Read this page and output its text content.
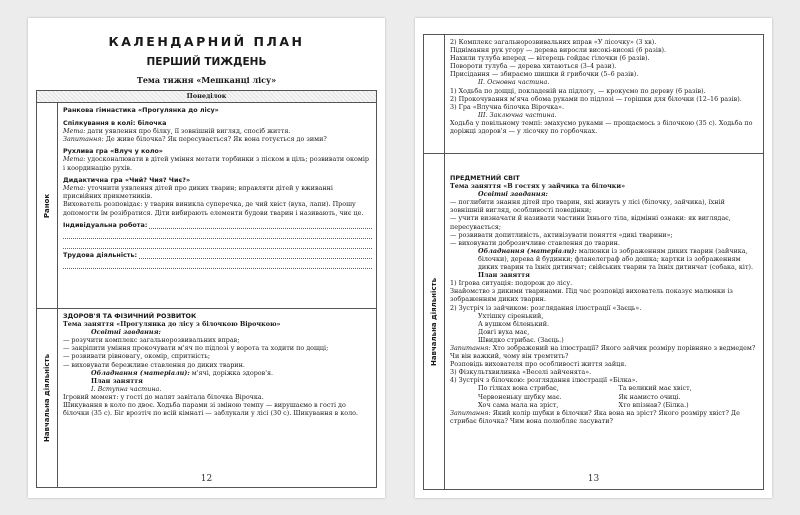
КАЛЕНДАРНИЙ ПЛАН
ПЕРШИЙ ТИЖДЕНЬ
Тема тижня «Мешканці лісу»
Понеділок
Ранок

Ранкова гімнастика «Прогулянка до лісу»

Спілкування в колі: білочка

Мета: дати уявлення про білку, її зовнішній вигляд, спосіб життя.

Запитання: Де живе білочка? Як пересувається? Як вона готується до зими?

Рухлива гра «Влуч у коло»

Мета: удосконалювати в дітей уміння метати торбинки з піском в ціль; розвивати окомір і координацію рухів.

Дидактична гра «Чий? Чия? Чиє?»

Мета: уточнити уявлення дітей про диких тварин; вправляти дітей у вживанні присвійних прикметників.

Вихователь розповідає: у тварин виникла суперечка, де чий хвіст (вуха, лапи). Прошу допомогти їм розібратися. Діти вибирають елементи будови тварин і називають, чиє це.

Індивідуальна робота:
Трудова діяльність:
Навчальна діяльність

ЗДОРОВ'Я ТА ФІЗИЧНИЙ РОЗВИТОК

Тема заняття «Прогулянка до лісу з білочкою Вірочкою»

Освітні завдання:

— розучити комплекс загальнорозвивальних вправ;

— закріпити уміння прокочувати м'яч по підлозі у ворота та ходити по дощці;

— розвивати рівновагу, окомір, спритність;

— виховувати бережливе ставлення до диких тварин.

Обладнання (матеріали): м'ячі, доріжка здоров'я.

План заняття

I. Вступна частина.

Ігровий момент: у гості до малят завітала білочка Вірочка.

Шикування в коло по двоє. Ходьба парами зі зміною темпу — вирушаємо в гості до білочки (35 с). Біг врозтіч по всій кімнаті — заблукали у лісі (30 с). Шикування в коло.

12

2) Комплекс загальнорозвивальних вправ «У лісочку» (3 хв).

Піднімання рук угору — дерева виросли високі-високі (6 разів).

Нахили тулуба вперед — вітерець гойдає гілочки (6 разів).

Повороти тулуба — дерева хитаються (3–4 рази).

Присідання — збираємо шишки й грибочки (5–6 разів).

II. Основна частина.

1) Ходьба по дощці, покладеній на підлогу, — крокуємо по дереву (6 разів).

2) Прокочування м'яча обома руками по підлозі — горішки для білочки (12–16 разів).

3) Гра «Влучна білочка Вірочка».

III. Заключна частина.

Ходьба у повільному темпі: змахуємо руками — прощаємось з білочкою (35 с). Ходьба по доріжці здоров'я — у лісочку по горбочках.

Навчальна діяльність

ПРЕДМЕТНИЙ СВІТ

Тема заняття «В гостях у зайчика та білочки»

Освітні завдання:

— поглибити знання дітей про тварин, які живуть у лісі (білочку, зайчика), їхній зовнішній вигляд, особливості поведінки;

— учити визначати й називати частини їхнього тіла, відмінні ознаки: як виглядає, пересувається;

— розвивати допитливість, активізувати поняття «дикі тварини»;

— виховувати доброзичливе ставлення до тварин.

Обладнання (матеріали): малюнки із зображенням диких тварин (зайчика, білочки), дерева й будинки; фланелеграф або дошка; картки із зображенням диких тварин та їхніх дитинчат; свійських тварин та їхніх дитинчат (собака, кіт).

План заняття

1) Ігрова ситуація: подорож до лісу.

Знайомство з дикими тваринами. Під час розповіді вихователь показує малюнки із зображенням диких тварин.

2) Зустріч із зайчиком: розглядання ілюстрації «Заєць».

Ухтішку сіренький,

А вушком біленький.

Довгі вуха має,

Швидко стрибає. (Заєць.)

Запитання: Хто зображений на ілюстрації? Якого зайчик розміру порівняно з ведмедем? Чи він важкий, чому він тремтить?

Розповідь вихователя про особливості життя зайця.

3) Фізкультхвилинка «Веселі зайченята».

4) Зустріч з білочкою: розглядання ілюстрації «Білка».

По гілках вона стрибає,

Червоненьку шубку має.

Хоч сама мала на зріст,

Та великий має хвіст,

Як намисто очиці.

Хто впізнав? (Білка.)

Запитання: Який колір шубки в білочки? Яка вона на зріст? Якого розміру хвіст? Де стрибає білочка? Чим вона полюбляє ласувати?

13
